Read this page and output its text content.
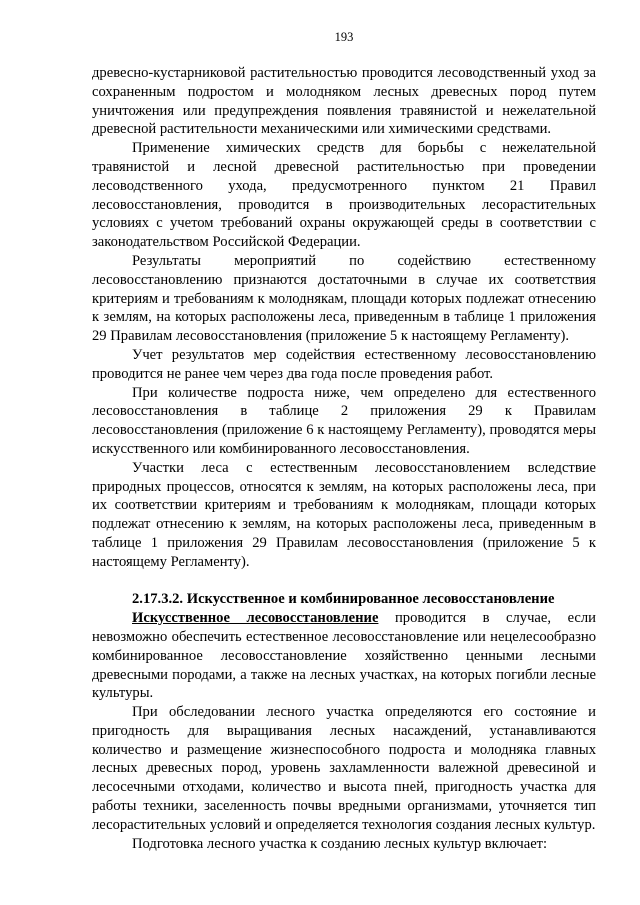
193

древесно-кустарниковой растительностью проводится лесоводственный уход за сохраненным подростом и молодняком лесных древесных пород путем уничтожения или предупреждения появления травянистой и нежелательной древесной растительности механическими или химическими средствами.

Применение химических средств для борьбы с нежелательной травянистой и лесной древесной растительностью при проведении лесоводственного ухода, предусмотренного пунктом 21 Правил лесовосстановления, проводится в производительных лесорастительных условиях с учетом требований охраны окружающей среды в соответствии с законодательством Российской Федерации.

Результаты мероприятий по содействию естественному лесовосстановлению признаются достаточными в случае их соответствия критериям и требованиям к молоднякам, площади которых подлежат отнесению к землям, на которых расположены леса, приведенным в таблице 1 приложения 29 Правилам лесовосстановления (приложение 5 к настоящему Регламенту).

Учет результатов мер содействия естественному лесовосстановлению проводится не ранее чем через два года после проведения работ.

При количестве подроста ниже, чем определено для естественного лесовосстановления в таблице 2 приложения 29 к Правилам лесовосстановления (приложение 6 к настоящему Регламенту), проводятся меры искусственного или комбинированного лесовосстановления.

Участки леса с естественным лесовосстановлением вследствие природных процессов, относятся к землям, на которых расположены леса, при их соответствии критериям и требованиям к молоднякам, площади которых подлежат отнесению к землям, на которых расположены леса, приведенным в таблице 1 приложения 29 Правилам лесовосстановления (приложение 5 к настоящему Регламенту).

2.17.3.2. Искусственное и комбинированное лесовосстановление

Искусственное лесовосстановление проводится в случае, если невозможно обеспечить естественное лесовосстановление или нецелесообразно комбинированное лесовосстановление хозяйственно ценными лесными древесными породами, а также на лесных участках, на которых погибли лесные культуры.

При обследовании лесного участка определяются его состояние и пригодность для выращивания лесных насаждений, устанавливаются количество и размещение жизнеспособного подроста и молодняка главных лесных древесных пород, уровень захламленности валежной древесиной и лесосечными отходами, количество и высота пней, пригодность участка для работы техники, заселенность почвы вредными организмами, уточняется тип лесорастительных условий и определяется технология создания лесных культур.

Подготовка лесного участка к созданию лесных культур включает:
